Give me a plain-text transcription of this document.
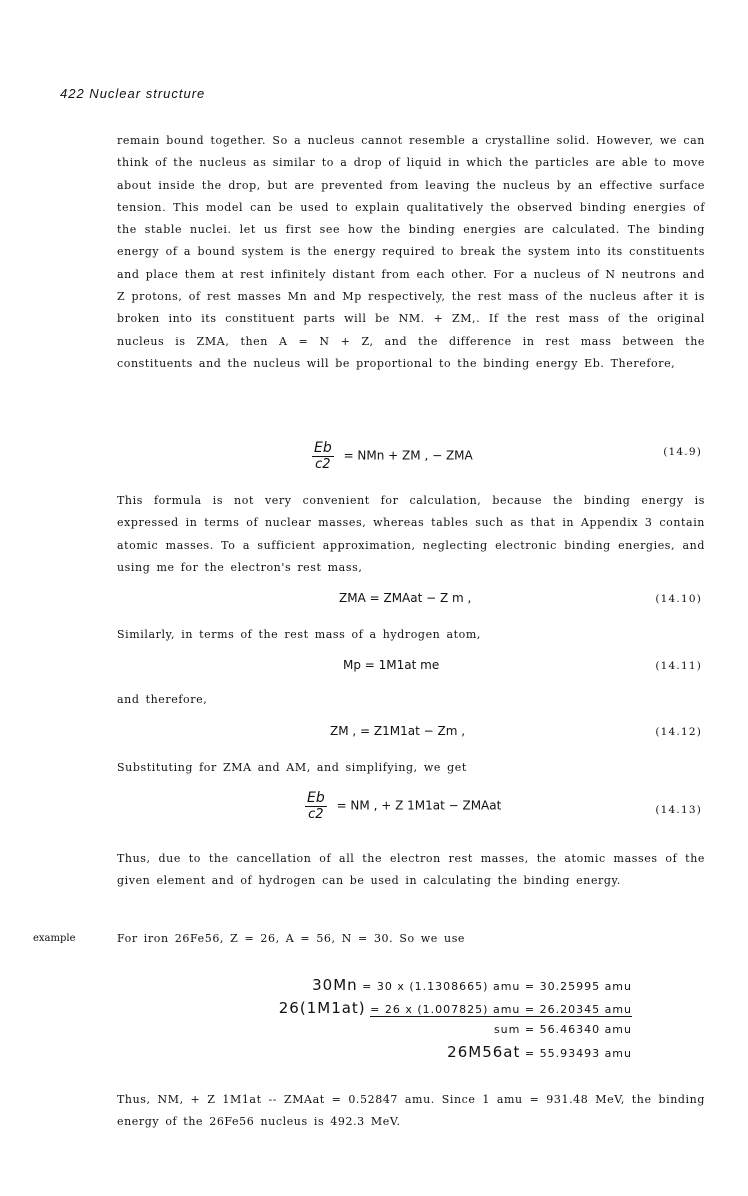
422 Nuclear structure
remain bound together. So a nucleus cannot resemble a crystalline solid. However, we can think of the nucleus as similar to a drop of liquid in which the particles are able to move about inside the drop, but are prevented from leaving the nucleus by an effective surface tension. This model can be used to explain qualitatively the observed binding energies of the stable nuclei. let us first see how the binding energies are calculated. The binding energy of a bound system is the energy required to break the system into its constituents and place them at rest infinitely distant from each other. For a nucleus of N neutrons and Z protons, of rest masses Mn and Mp respectively, the rest mass of the nucleus after it is broken into its constituent parts will be NM. + ZM,. If the rest mass of the original nucleus is ZMA, then A = N + Z, and the difference in rest mass between the constituents and the nucleus will be proportional to the binding energy Eb. Therefore,
$\frac{Eb}{c2}$ = NMn + ZM , − ZMA	(14.9)
This formula is not very convenient for calculation, because the binding energy is expressed in terms of nuclear masses, whereas tables such as that in Appendix 3 contain atomic masses. To a sufficient approximation, neglecting electronic binding energies, and using me for the electron's rest mass,
ZMA = ZMAat − Z m ,	(14.10)
Similarly, in terms of the rest mass of a hydrogen atom,
Mp = 1M1at me	(14.11)
and therefore,
ZM , = Z1M1at − Zm ,	(14.12)
Substituting for ZMA and AM, and simplifying, we get
$\frac{Eb}{c2}$ = NM , + Z 1M1at − ZMAat	(14.13)
Thus, due to the cancellation of all the electron rest masses, the atomic masses of the given element and of hydrogen can be used in calculating the binding energy.
example	For iron 26Fe56, Z = 26, A = 56, N = 30. So we use
30Mn = 30 x (1.1308665) amu = 30.25995 amu
26(1M1at) = 26 x (1.007825) amu = 26.20345 amu
sum = 56.46340 amu
26M56at = 55.93493 amu
Thus, NM, + Z 1M1at -- ZMAat = 0.52847 amu. Since 1 amu = 931.48 MeV, the binding energy of the 26Fe56 nucleus is 492.3 MeV.
